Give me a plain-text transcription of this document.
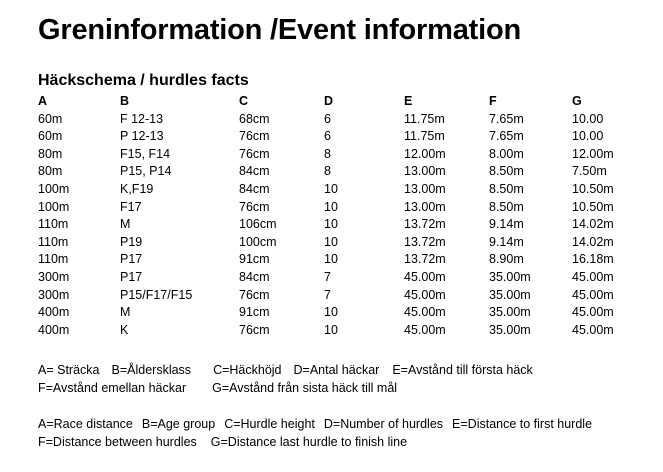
Greninformation /Event information
Häckschema / hurdles facts
A	B	C	D	E	F	G
60m	F 12-13	68cm	6	11.75m	7.65m	10.00
60m	P 12-13	76cm	6	11.75m	7.65m	10.00
80m	F15, F14	76cm	8	12.00m	8.00m	12.00m
80m	P15, P14	84cm	8	13.00m	8.50m	7.50m
100m	K,F19	84cm	10	13.00m	8.50m	10.50m
100m	F17	76cm	10	13.00m	8.50m	10.50m
110m	M	106cm	10	13.72m	9.14m	14.02m
110m	P19	100cm	10	13.72m	9.14m	14.02m
110m	P17	91cm	10	13.72m	8.90m	16.18m
300m	P17	84cm	7	45.00m	35.00m	45.00m
300m	P15/F17/F15	76cm	7	45.00m	35.00m	45.00m
400m	M	91cm	10	45.00m	35.00m	45.00m
400m	K	76cm	10	45.00m	35.00m	45.00m

A= Sträcka B=Åldersklass C=Häckhöjd D=Antal häckar E=Avstånd till första häck

F=Avstånd emellan häckar G=Avstånd från sista häck till mål

A=Race distance B=Age group C=Hurdle height D=Number of hurdles E=Distance to first hurdle

F=Distance between hurdles G=Distance last hurdle to finish line
